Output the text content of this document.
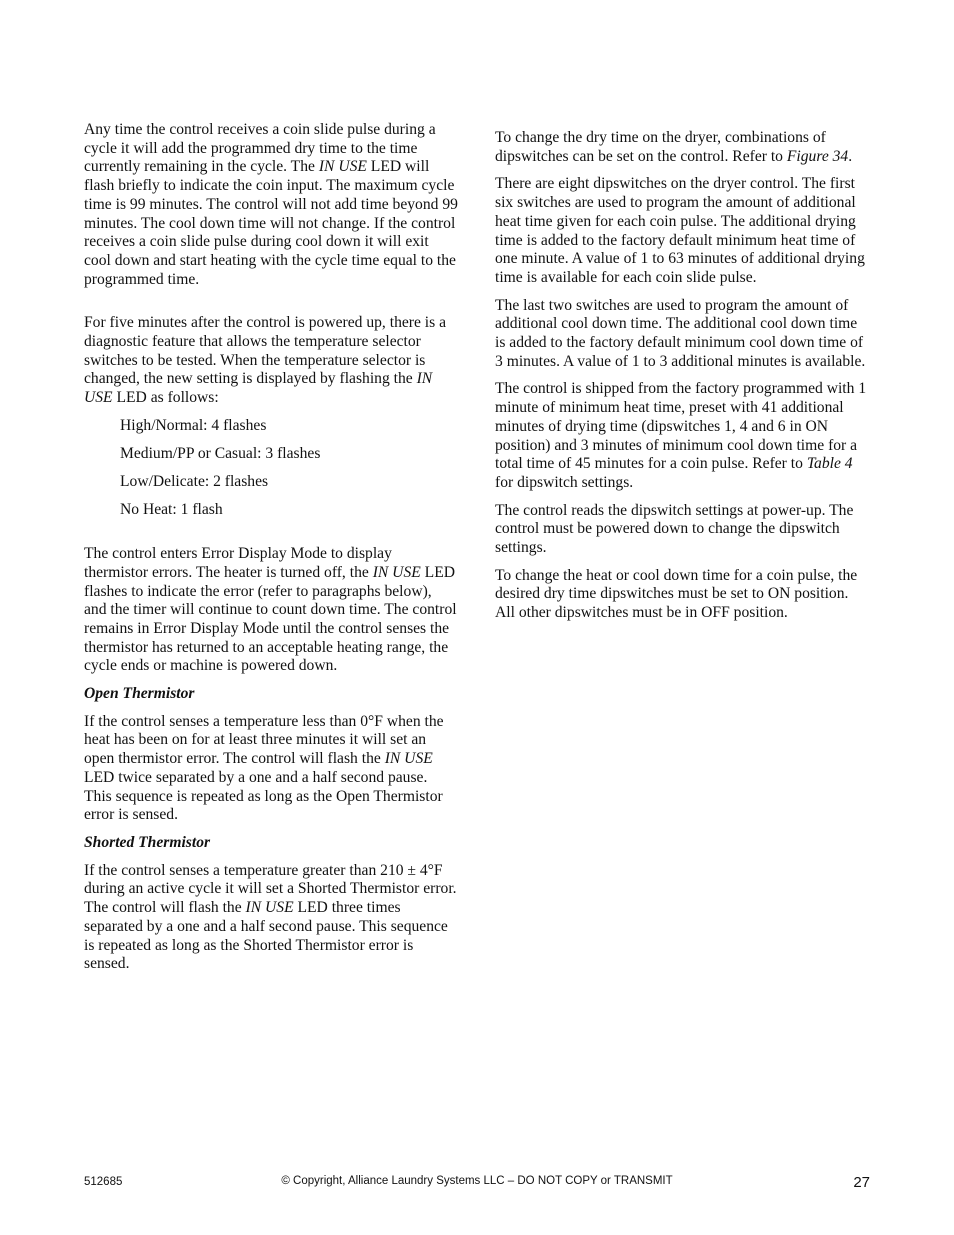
Any time the control receives a coin slide pulse during a cycle it will add the programmed dry time to the time currently remaining in the cycle. The IN USE LED will flash briefly to indicate the coin input. The maximum cycle time is 99 minutes. The control will not add time beyond 99 minutes. The cool down time will not change. If the control receives a coin slide pulse during cool down it will exit cool down and start heating with the cycle time equal to the programmed time.

For five minutes after the control is powered up, there is a diagnostic feature that allows the temperature selector switches to be tested. When the temperature selector is changed, the new setting is displayed by flashing the IN USE LED as follows:

High/Normal: 4 flashes

Medium/PP or Casual: 3 flashes

Low/Delicate: 2 flashes

No Heat: 1 flash

The control enters Error Display Mode to display thermistor errors. The heater is turned off, the IN USE LED flashes to indicate the error (refer to paragraphs below), and the timer will continue to count down time. The control remains in Error Display Mode until the control senses the thermistor has returned to an acceptable heating range, the cycle ends or machine is powered down.

Open Thermistor

If the control senses a temperature less than 0°F when the heat has been on for at least three minutes it will set an open thermistor error. The control will flash the IN USE LED twice separated by a one and a half second pause. This sequence is repeated as long as the Open Thermistor error is sensed.

Shorted Thermistor

If the control senses a temperature greater than 210 ± 4°F during an active cycle it will set a Shorted Thermistor error. The control will flash the IN USE LED three times separated by a one and a half second pause. This sequence is repeated as long as the Shorted Thermistor error is sensed.

To change the dry time on the dryer, combinations of dipswitches can be set on the control. Refer to Figure 34.

There are eight dipswitches on the dryer control. The first six switches are used to program the amount of additional heat time given for each coin pulse. The additional drying time is added to the factory default minimum heat time of one minute. A value of 1 to 63 minutes of additional drying time is available for each coin slide pulse.

The last two switches are used to program the amount of additional cool down time. The additional cool down time is added to the factory default minimum cool down time of 3 minutes. A value of 1 to 3 additional minutes is available.

The control is shipped from the factory programmed with 1 minute of minimum heat time, preset with 41 additional minutes of drying time (dipswitches 1, 4 and 6 in ON position) and 3 minutes of minimum cool down time for a total time of 45 minutes for a coin pulse. Refer to Table 4 for dipswitch settings.

The control reads the dipswitch settings at power-up. The control must be powered down to change the dipswitch settings.

To change the heat or cool down time for a coin pulse, the desired dry time dipswitches must be set to ON position. All other dipswitches must be in OFF position.

512685	© Copyright, Alliance Laundry Systems LLC – DO NOT COPY or TRANSMIT	27
